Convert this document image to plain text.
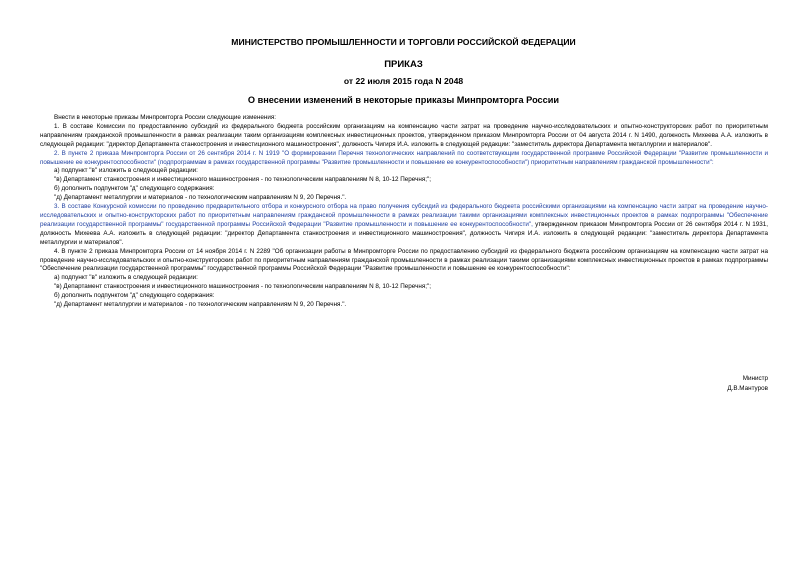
МИНИСТЕРСТВО ПРОМЫШЛЕННОСТИ И ТОРГОВЛИ РОССИЙСКОЙ ФЕДЕРАЦИИ

ПРИКАЗ

от 22 июля 2015 года N 2048

О внесении изменений в некоторые приказы Минпромторга России

Внести в некоторые приказы Минпромторга России следующие изменения:

1. В составе Комиссии по предоставлению субсидий из федерального бюджета российским организациям на компенсацию части затрат на проведение научно-исследовательских и опытно-конструкторских работ по приоритетным направлениям гражданской промышленности в рамках реализации таким организациям комплексных инвестиционных проектов, утвержденном приказом Минпромторга России от 04 августа 2014 г. N 1490, должность Михеева А.А. изложить в следующей редакции: "директор Департамента станкостроения и инвестиционного машиностроения", должность Чигиря И.А. изложить в следующей редакции: "заместитель директора Департамента металлургии и материалов".

2. В пункте 2 приказа Минпромторга России от 26 сентября 2014 г. N 1919 "О формировании Перечня технологических направлений по соответствующим государственной программе Российской Федерации "Развитие промышленности и повышение ее конкурентоспособности" (подпрограммам в рамках государственной программы "Развитие промышленности и повышение ее конкурентоспособности") приоритетным направлениям гражданской промышленности":

а) подпункт "в" изложить в следующей редакции:

"в) Департамент станкостроения и инвестиционного машиностроения - по технологическим направлениям N 8, 10-12 Перечня;";

б) дополнить подпунктом "д" следующего содержания:

"д) Департамент металлургии и материалов - по технологическим направлениям N 9, 20 Перечня.".

3. В составе Конкурсной комиссии по проведению предварительного отбора и конкурсного отбора на право получения субсидий из федерального бюджета российскими организациями на компенсацию части затрат на проведение научно-исследовательских и опытно-конструкторских работ по приоритетным направлениям гражданской промышленности в рамках реализации такими организациями комплексных инвестиционных проектов в рамках подпрограммы "Обеспечение реализации государственной программы" государственной программы Российской Федерации "Развитие промышленности и повышение ее конкурентоспособности", утвержденном приказом Минпромторга России от 26 сентября 2014 г. N 1931, должность Михеева А.А. изложить в следующей редакции: "директор Департамента станкостроения и инвестиционного машиностроения", должность Чигиря И.А. изложить в следующей редакции: "заместитель директора Департамента металлургии и материалов".

4. В пункте 2 приказа Минпромторга России от 14 ноября 2014 г. N 2289 "Об организации работы в Минпромторге России по предоставлению субсидий из федерального бюджета российским организациям на компенсацию части затрат на проведение научно-исследовательских и опытно-конструкторских работ по приоритетным направлениям гражданской промышленности в рамках реализации такими организациями комплексных инвестиционных проектов в рамках подпрограммы "Обеспечение реализации государственной программы" государственной программы Российской Федерации "Развитие промышленности и повышение ее конкурентоспособности":

а) подпункт "в" изложить в следующей редакции:

"в) Департамент станкостроения и инвестиционного машиностроения - по технологическим направлениям N 8, 10-12 Перечня;";

б) дополнить подпунктом "д" следующего содержания:

"д) Департамент металлургии и материалов - по технологическим направлениям N 9, 20 Перечня.".

Министр
Д.В.Мантуров
